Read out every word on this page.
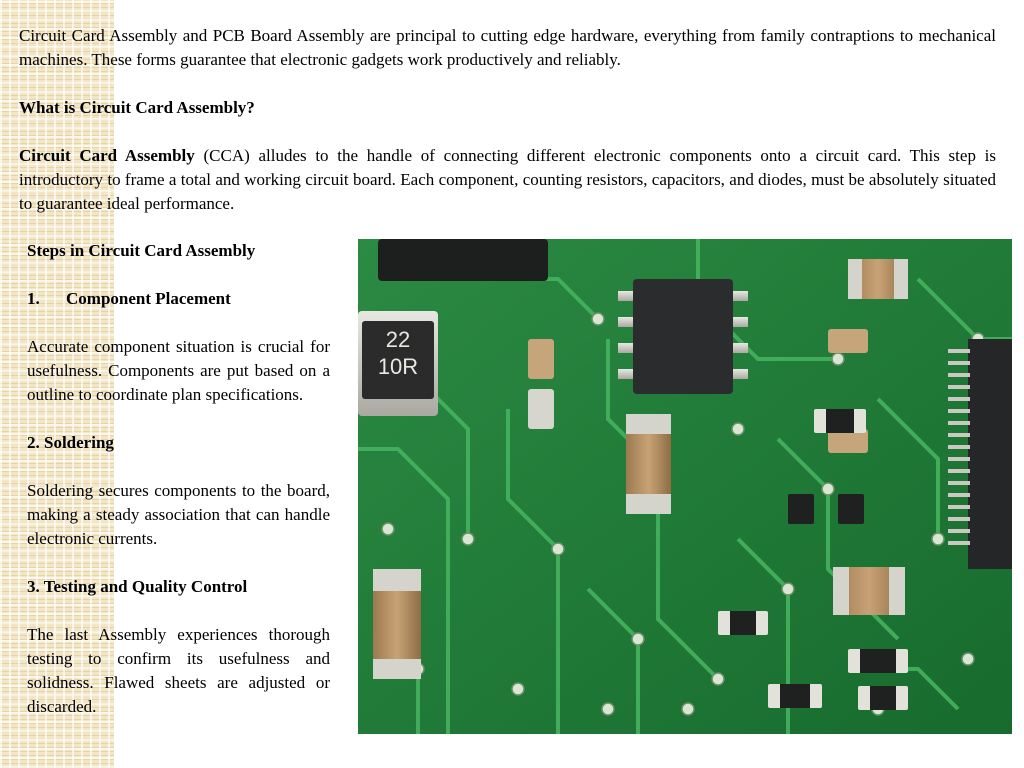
Circuit Card Assembly and PCB Board Assembly are principal to cutting edge hardware, everything from family contraptions to mechanical machines. These forms guarantee that electronic gadgets work productively and reliably.

What is Circuit Card Assembly?

Circuit Card Assembly (CCA) alludes to the handle of connecting different electronic components onto a circuit card. This step is introductory to frame a total and working circuit board. Each component, counting resistors, capacitors, and diodes, must be absolutely situated to guarantee ideal performance.

Steps in Circuit Card Assembly

1. Component Placement

Accurate component situation is crucial for usefulness. Components are put based on a outline to coordinate plan specifications.

2. Soldering

Soldering secures components to the board, making a steady association that can handle electronic currents.

3. Testing and Quality Control

The last Assembly experiences thorough testing to confirm its usefulness and solidness. Flawed sheets are adjusted or discarded.

22
10R
